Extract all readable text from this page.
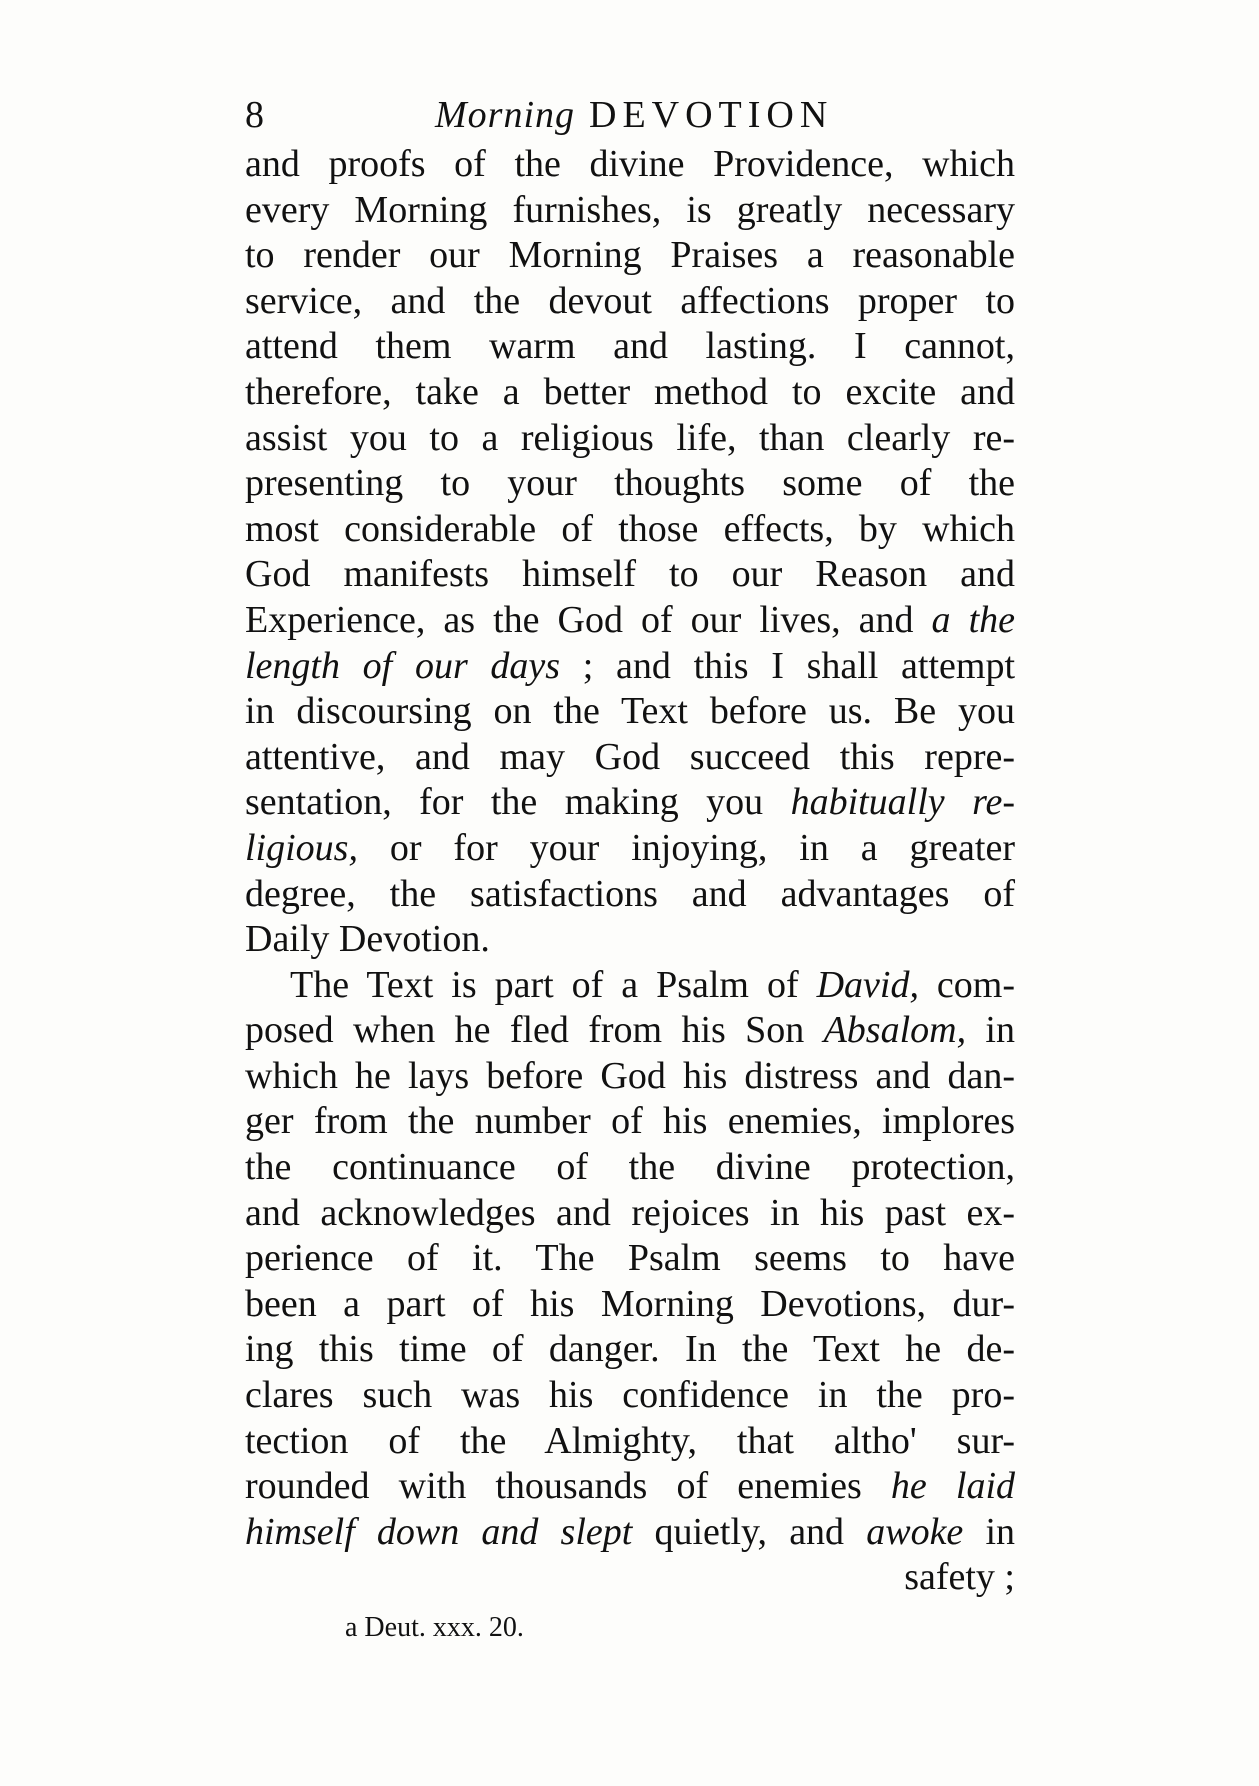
8	Morning DEVOTION
and proofs of the divine Providence, which
every Morning furnishes, is greatly necessary
to render our Morning Praises a reasonable
service, and the devout affections proper to
attend them warm and lasting. I cannot,
therefore, take a better method to excite and
assist you to a religious life, than clearly re-
presenting to your thoughts some of the
most considerable of those effects, by which
God manifests himself to our Reason and
Experience, as the God of our lives, and a the
length of our days ; and this I shall attempt
in discoursing on the Text before us. Be you
attentive, and may God succeed this repre-
sentation, for the making you habitually re-
ligious, or for your injoying, in a greater
degree, the satisfactions and advantages of
Daily Devotion.
The Text is part of a Psalm of David, com-
posed when he fled from his Son Absalom, in
which he lays before God his distress and dan-
ger from the number of his enemies, implores
the continuance of the divine protection,
and acknowledges and rejoices in his past ex-
perience of it. The Psalm seems to have
been a part of his Morning Devotions, dur-
ing this time of danger. In the Text he de-
clares such was his confidence in the pro-
tection of the Almighty, that altho' sur-
rounded with thousands of enemies he laid
himself down and slept quietly, and awoke in
safety ;
a Deut. xxx. 20.
